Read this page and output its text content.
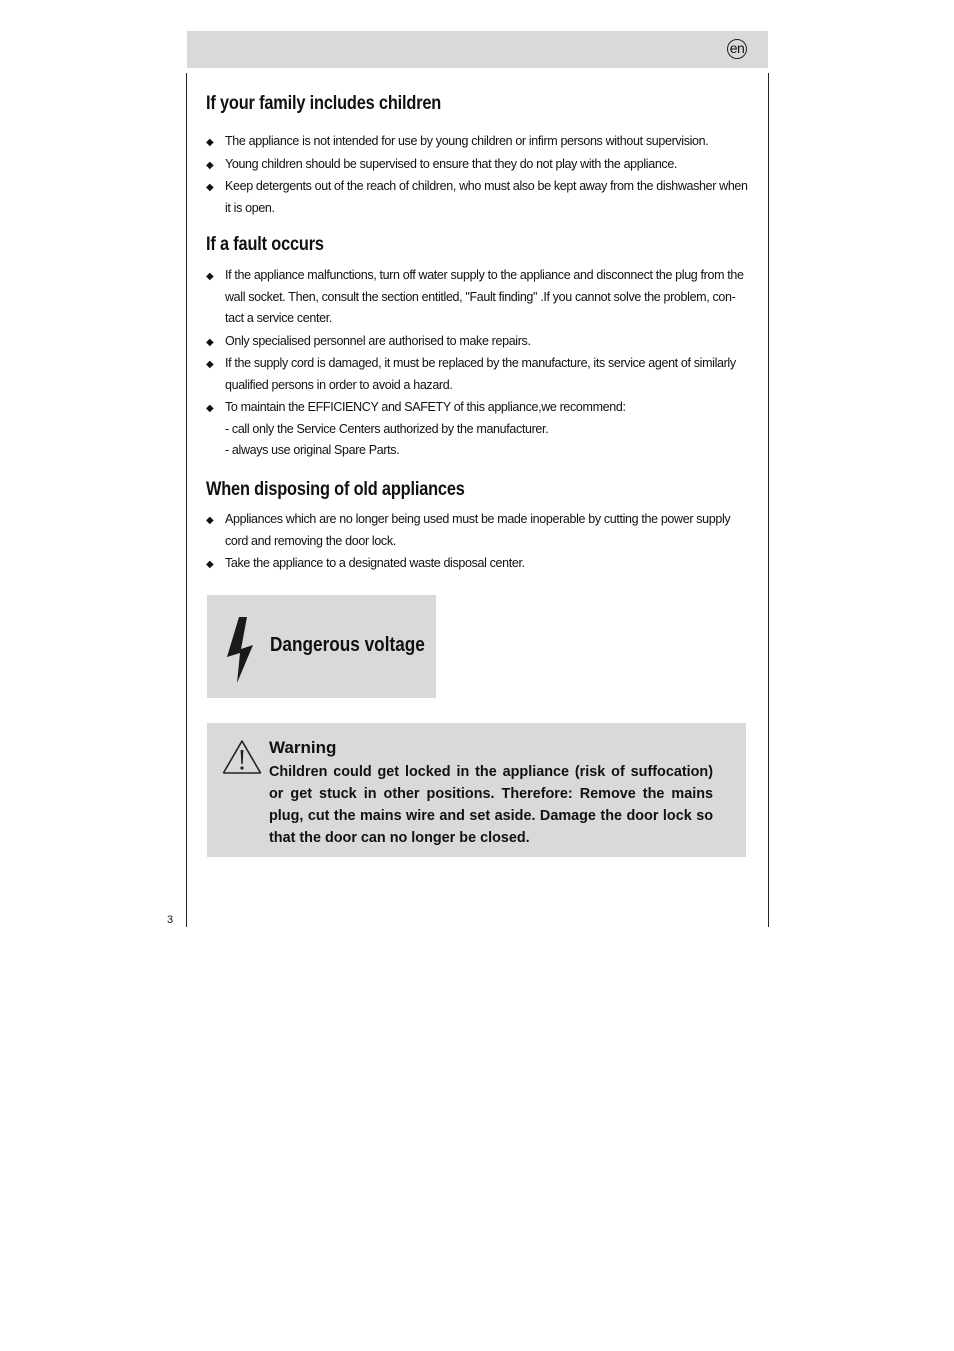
en
3
If your family includes children
◆ The appliance is not intended for use by young children or infirm persons without supervision.
◆ Young children should be supervised to ensure that they do not play with the appliance.
◆ Keep detergents out of the reach of children, who must also be kept away from the dishwasher when it is open.
If a fault occurs
◆ If the appliance malfunctions, turn off water supply to the appliance and disconnect the plug from the wall socket. Then, consult the section entitled, "Fault finding" .If you cannot solve the problem, con- tact a service center.
◆ Only specialised personnel are authorised to make repairs.
◆ If the supply cord is damaged, it must be replaced by the manufacture, its service agent of similarly qualified persons in order to avoid a hazard.
◆ To maintain the EFFICIENCY and SAFETY of this appliance,we recommend:
- call only the Service Centers authorized by the manufacturer.
- always use original Spare Parts.
When disposing of old appliances
◆ Appliances which are no longer being used must be made inoperable by cutting the power supply cord and removing the door lock.
◆ Take the appliance to a designated waste disposal center.
Dangerous voltage
Warning
Children could get locked in the appliance (risk of suffocation) or get stuck in other positions. Therefore: Remove the mains plug, cut the mains wire and set aside. Damage the door lock so that the door can no longer be closed.
